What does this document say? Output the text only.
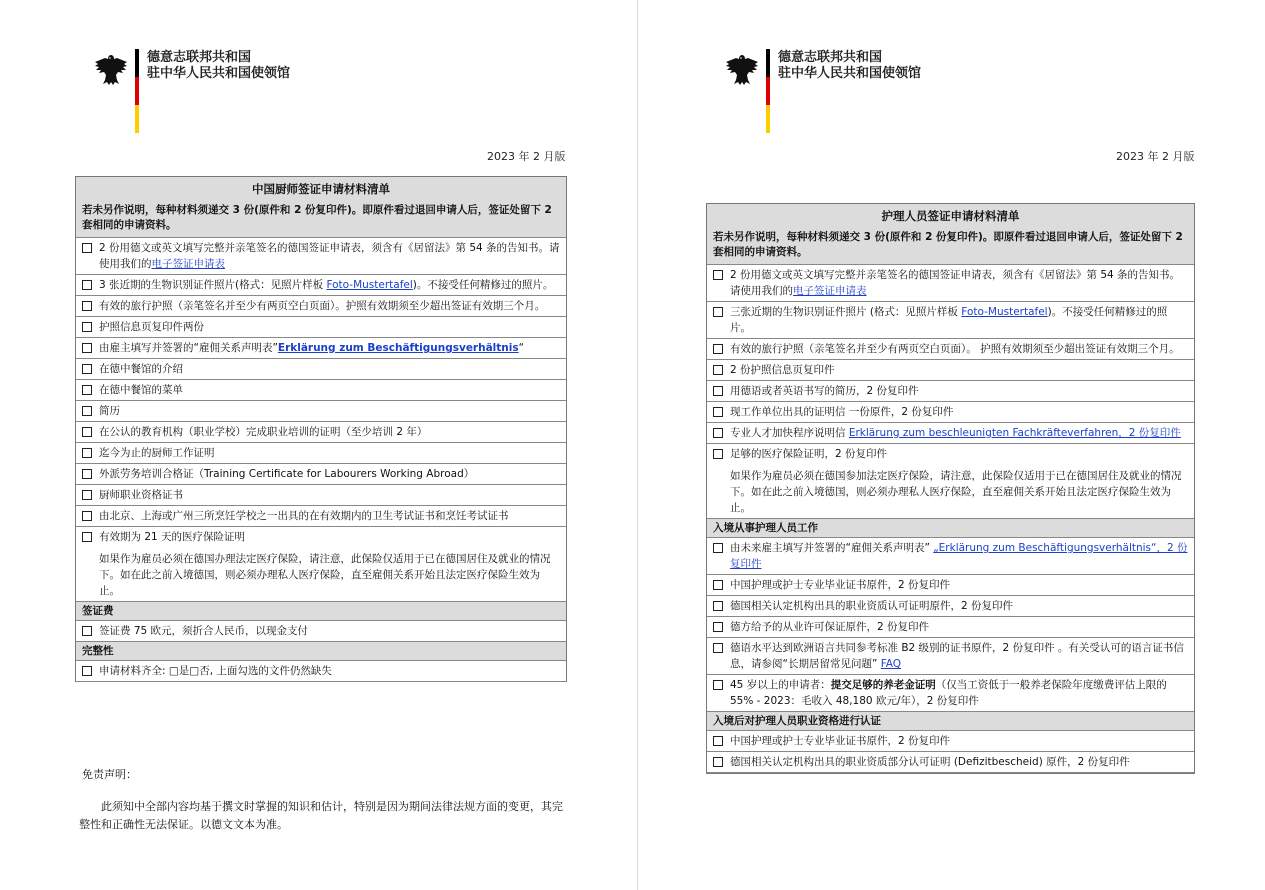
德意志联邦共和国
驻中华人民共和国使领馆
2023 年 2 月版
中国厨师签证申请材料清单
若未另作说明，每种材料须递交 3 份(原件和 2 份复印件)。即原件看过退回申请人后，签证处留下 2 套相同的申请资料。
2 份用德文或英文填写完整并亲笔签名的德国签证申请表，须含有《居留法》第 54 条的告知书。请使用我们的电子签证申请表
3 张近期的生物识别证件照片(格式：见照片样板 Foto-Mustertafel)。不接受任何精修过的照片。
有效的旅行护照（亲笔签名并至少有两页空白页面）。护照有效期须至少超出签证有效期三个月。
护照信息页复印件两份
由雇主填写并签署的“雇佣关系声明表”Erklärung zum Beschäftigungsverhältnis“
在德中餐馆的介绍
在德中餐馆的菜单
简历
在公认的教育机构（职业学校）完成职业培训的证明（至少培训 2 年）
迄今为止的厨师工作证明
外派劳务培训合格证（Training Certificate for Labourers Working Abroad）
厨师职业资格证书
由北京、上海或广州三所烹饪学校之一出具的在有效期内的卫生考试证书和烹饪考试证书
有效期为 21 天的医疗保险证明
如果作为雇员必须在德国办理法定医疗保险，请注意，此保险仅适用于已在德国居住及就业的情况下。如在此之前入境德国，则必须办理私人医疗保险，直至雇佣关系开始且法定医疗保险生效为止。
签证费
签证费 75 欧元，须折合人民币，以现金支付
完整性
申请材料齐全: □是□否, 上面勾选的文件仍然缺失
免责声明：
此须知中全部内容均基于撰文时掌握的知识和估计，特别是因为期间法律法规方面的变更，其完整性和正确性无法保证。以德文文本为准。
德意志联邦共和国
驻中华人民共和国使领馆
2023 年 2 月版
护理人员签证申请材料清单
若未另作说明，每种材料须递交 3 份(原件和 2 份复印件)。即原件看过退回申请人后，签证处留下 2 套相同的申请资料。
2 份用德文或英文填写完整并亲笔签名的德国签证申请表，须含有《居留法》第 54 条的告知书。请使用我们的电子签证申请表
三张近期的生物识别证件照片 (格式：见照片样板 Foto-Mustertafel)。不接受任何精修过的照片。
有效的旅行护照（亲笔签名并至少有两页空白页面）。 护照有效期须至少超出签证有效期三个月。
2 份护照信息页复印件
用德语或者英语书写的简历，2 份复印件
现工作单位出具的证明信 一份原件，2 份复印件
专业人才加快程序说明信 Erklärung zum beschleunigten Fachkräfteverfahren，2 份复印件
足够的医疗保险证明，2 份复印件
如果作为雇员必须在德国参加法定医疗保险，请注意，此保险仅适用于已在德国居住及就业的情况下。如在此之前入境德国，则必须办理私人医疗保险，直至雇佣关系开始且法定医疗保险生效为止。
入境从事护理人员工作
由未来雇主填写并签署的“雇佣关系声明表” „Erklärung zum Beschäftigungsverhältnis“，2 份复印件
中国护理或护士专业毕业证书原件，2 份复印件
德国相关认定机构出具的职业资质认可证明原件，2 份复印件
德方给予的从业许可保证原件，2 份复印件
德语水平达到欧洲语言共同参考标准 B2 级别的证书原件，2 份复印件 。有关受认可的语言证书信息，请参阅“长期居留常见问题” FAQ
45 岁以上的申请者：提交足够的养老金证明（仅当工资低于一般养老保险年度缴费评估上限的 55% - 2023：毛收入 48,180 欧元/年），2 份复印件
入境后对护理人员职业资格进行认证
中国护理或护士专业毕业证书原件，2 份复印件
德国相关认定机构出具的职业资质部分认可证明 (Defizitbescheid) 原件，2 份复印件
